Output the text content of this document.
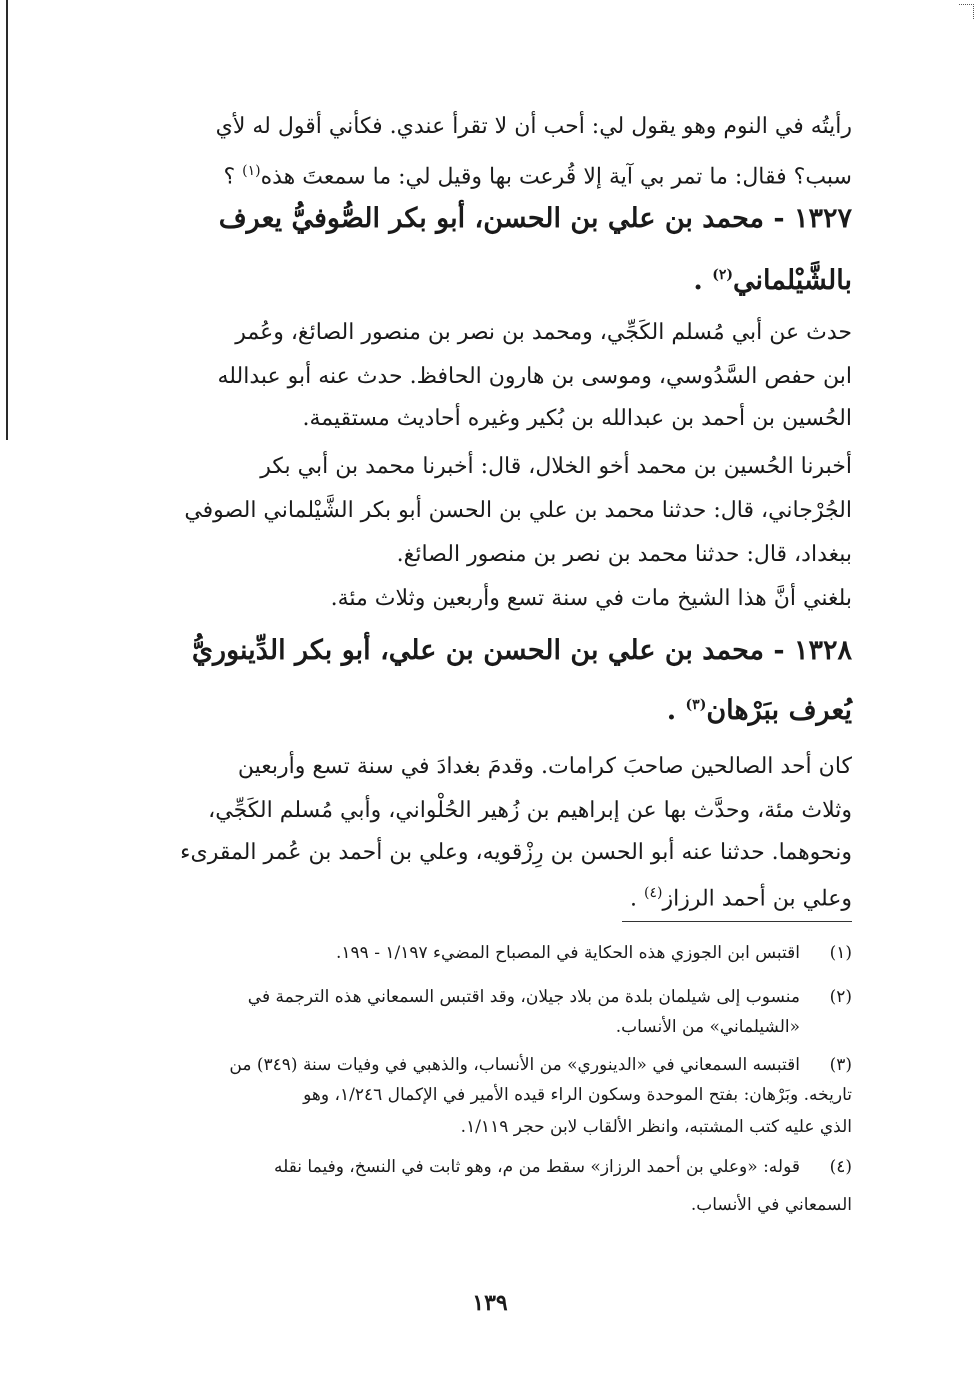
رأيتُه في النوم وهو يقول لي: أحب أن لا تقرأ عندي. فكأني أقول له لأي
سبب؟ فقال: ما تمر بي آية إلا قُرعت بها وقيل لي: ما سمعتَ هذه$^{(١)}$ ؟
١٣٢٧ - محمد بن علي بن الحسن، أبو بكر الصُّوفيُّ يعرف
بالشَّيْلماني$^{(٢)}$ .
حدث عن أبي مُسلم الكَجِّي، ومحمد بن نصر بن منصور الصائغ، وعُمر
ابن حفص السَّدُوسي، وموسى بن هارون الحافظ. حدث عنه أبو عبدالله
الحُسين بن أحمد بن عبدالله بن بُكير وغيره أحاديث مستقيمة.
أخبرنا الحُسين بن محمد أخو الخلال، قال: أخبرنا محمد بن أبي بكر
الجُرْجاني، قال: حدثنا محمد بن علي بن الحسن أبو بكر الشَّيْلماني الصوفي
ببغداد، قال: حدثنا محمد بن نصر بن منصور الصائغ.
بلغني أنَّ هذا الشيخ مات في سنة تسع وأربعين وثلاث مئة.
١٣٢٨ - محمد بن علي بن الحسن بن علي، أبو بكر الدِّينوريُّ
يُعرف ببَرْهان$^{(٣)}$ .
كان أحد الصالحين صاحبَ كرامات. وقدمَ بغدادَ في سنة تسع وأربعين
وثلاث مئة، وحدَّث بها عن إبراهيم بن زُهير الحُلْواني، وأبي مُسلم الكَجِّي،
ونحوهما. حدثنا عنه أبو الحسن بن رِزْقويه، وعلي بن أحمد بن عُمر المقرىء
وعلي بن أحمد الرزاز$^{(٤)}$ .
(١)اقتبس ابن الجوزي هذه الحكاية في المصباح المضيء ١/١٩٧ - ١٩٩.
(٢)منسوب إلى شيلمان بلدة من بلاد جيلان، وقد اقتبس السمعاني هذه الترجمة في
«الشيلماني» من الأنساب.
(٣)اقتبسه السمعاني في «الدينوري» من الأنساب، والذهبي في وفيات سنة (٣٤٩) من
تاريخه. وبَرْهان: بفتح الموحدة وسكون الراء قيده الأمير في الإكمال ١/٢٤٦، وهو
الذي عليه كتب المشتبه، وانظر الألقاب لابن حجر ١/١١٩.
(٤)قوله: «وعلي بن أحمد الرزاز» سقط من م، وهو ثابت في النسخ، وفيما نقله
السمعاني في الأنساب.
١٣٩
